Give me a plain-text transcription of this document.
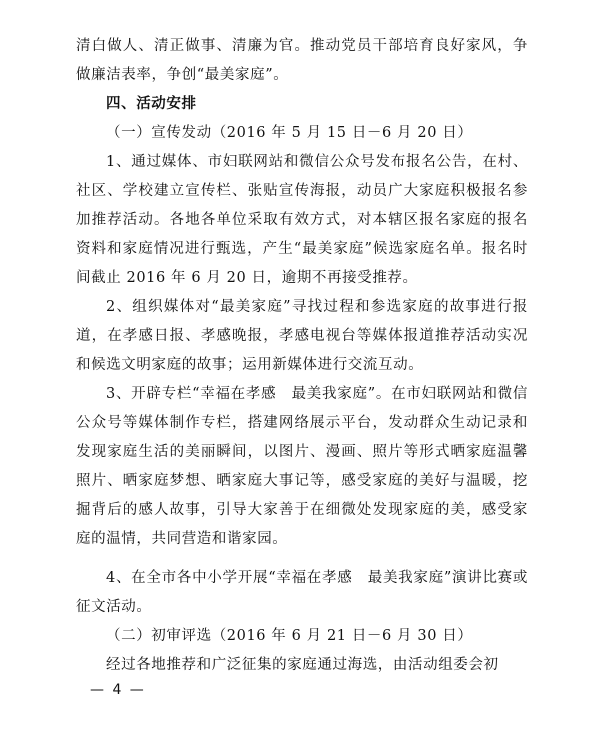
清白做人、清正做事、清廉为官。推动党员干部培育良好家风，争做廉洁表率，争创“最美家庭”。

四、活动安排

（一）宣传发动（2016 年 5 月 15 日－6 月 20 日）

1、通过媒体、市妇联网站和微信公众号发布报名公告，在村、社区、学校建立宣传栏、张贴宣传海报，动员广大家庭积极报名参加推荐活动。各地各单位采取有效方式，对本辖区报名家庭的报名资料和家庭情况进行甄选，产生“最美家庭”候选家庭名单。报名时间截止 2016 年 6 月 20 日，逾期不再接受推荐。

2、组织媒体对“最美家庭”寻找过程和参选家庭的故事进行报道，在孝感日报、孝感晚报，孝感电视台等媒体报道推荐活动实况和候选文明家庭的故事；运用新媒体进行交流互动。

3、开辟专栏“幸福在孝感　最美我家庭”。在市妇联网站和微信公众号等媒体制作专栏，搭建网络展示平台，发动群众生动记录和发现家庭生活的美丽瞬间，以图片、漫画、照片等形式晒家庭温馨照片、晒家庭梦想、晒家庭大事记等，感受家庭的美好与温暖，挖掘背后的感人故事，引导大家善于在细微处发现家庭的美，感受家庭的温情，共同营造和谐家园。

4、在全市各中小学开展“幸福在孝感　最美我家庭”演讲比赛或征文活动。

（二）初审评选（2016 年 6 月 21 日－6 月 30 日）

经过各地推荐和广泛征集的家庭通过海选，由活动组委会初

— 4 —
